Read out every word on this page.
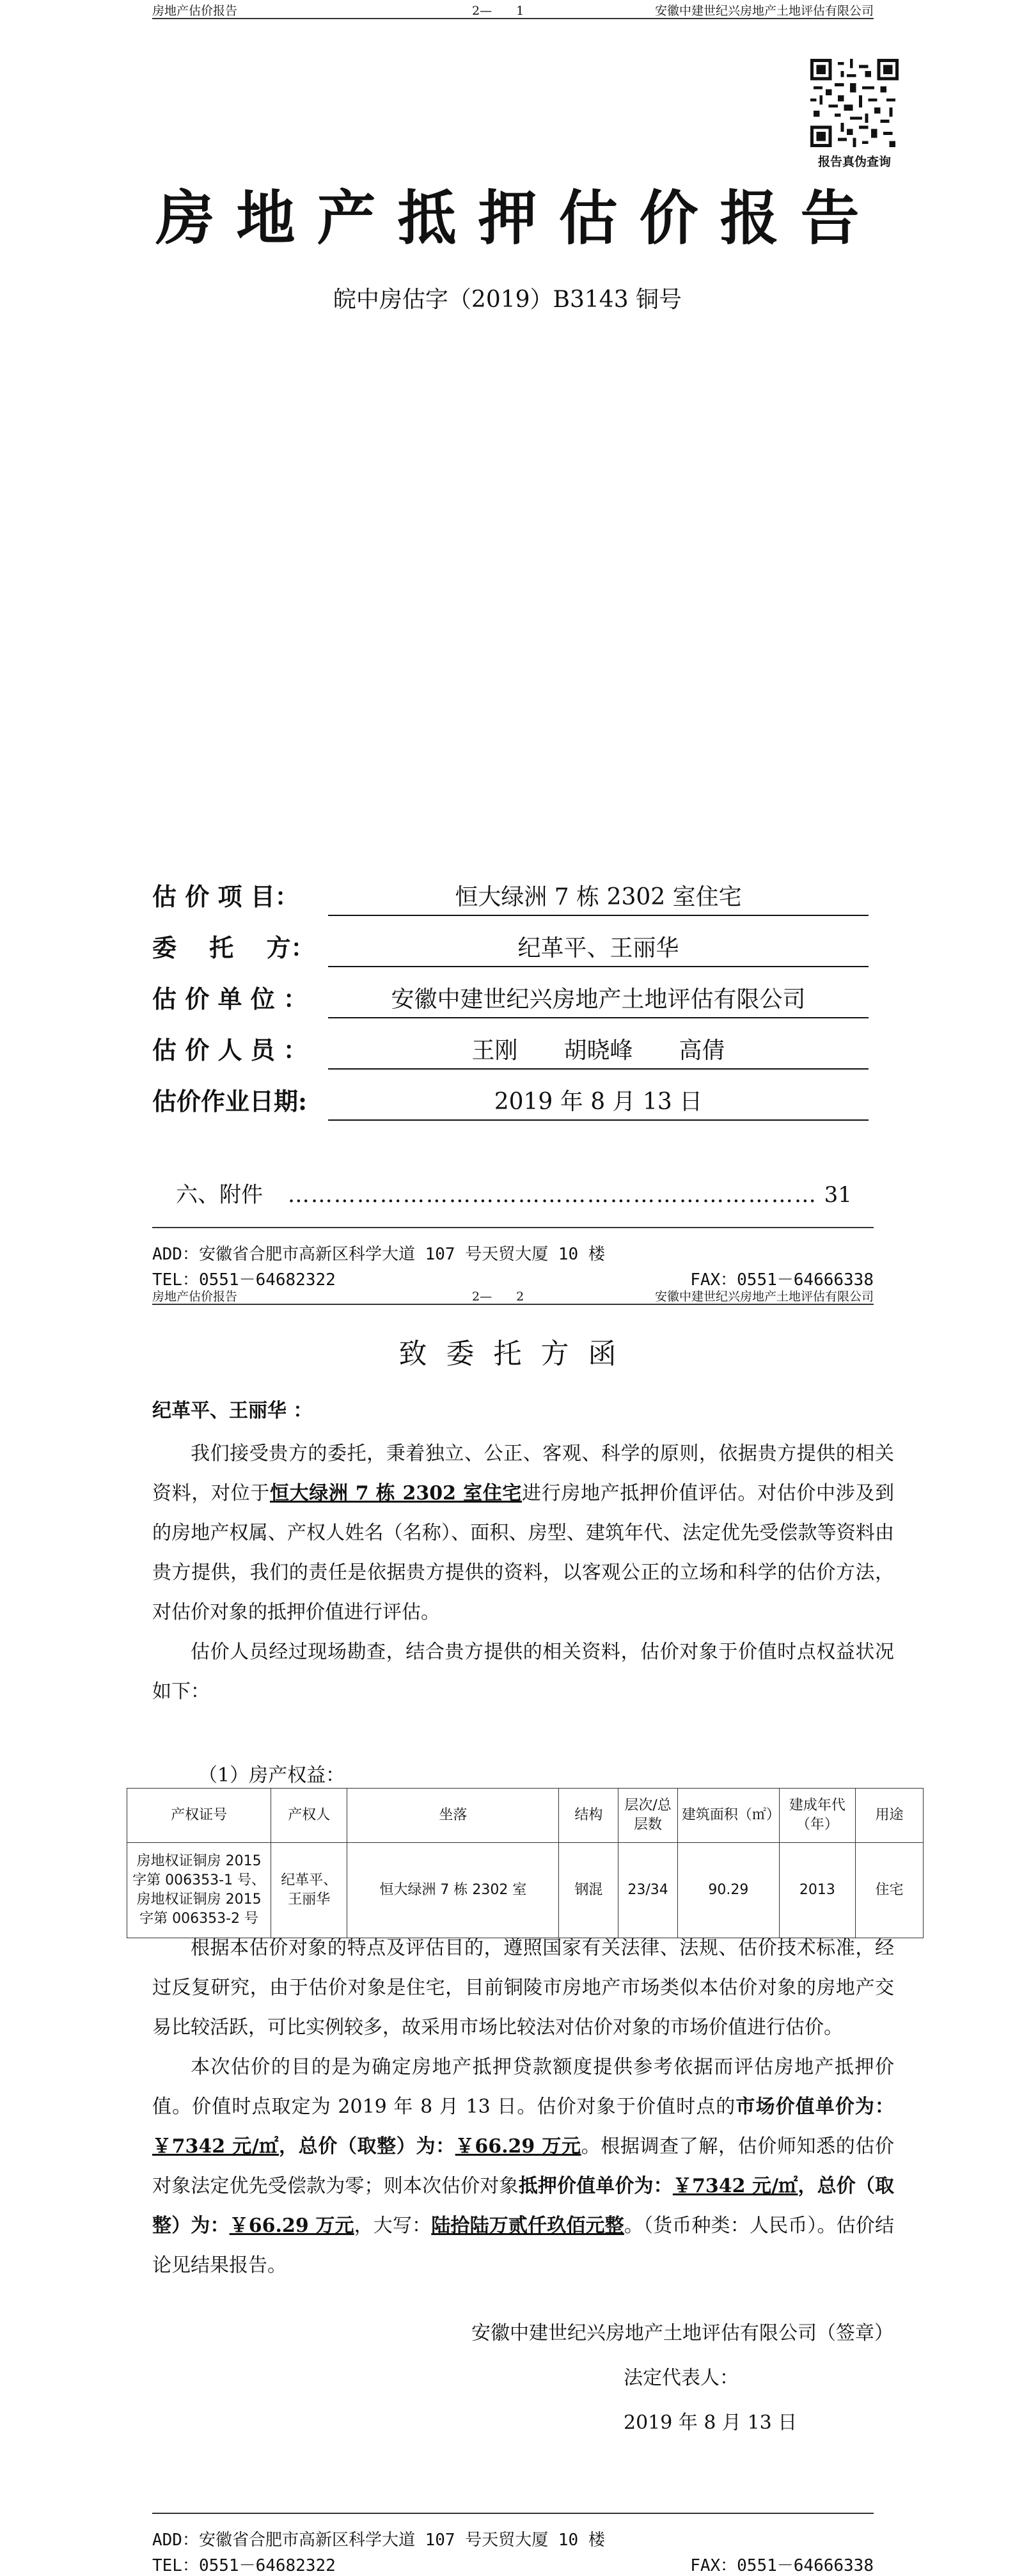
房地产估价报告	2—　　1	安徽中建世纪兴房地产土地评估有限公司
报告真伪查询
房地产抵押估价报告
皖中房估字（2019）B3143 铜号
估 价 项 目：	恒大绿洲 7 栋 2302 室住宅
委　 托　 方：	纪革平、王丽华
估 价 单 位 ：	安徽中建世纪兴房地产土地评估有限公司
估 价 人 员 ：	王刚　　胡晓峰　　高倩
估价作业日期:	2019 年 8 月 13 日
六、附件 …………………………………………………………… 31
ADD：安徽省合肥市高新区科学大道 107 号天贸大厦 10 楼
TEL：0551－64682322	FAX：0551－64666338
房地产估价报告	2—　　2	安徽中建世纪兴房地产土地评估有限公司
致委托方函
纪革平、王丽华 ：

我们接受贵方的委托，秉着独立、公正、客观、科学的原则，依据贵方提供的相关资料，对位于恒大绿洲 7 栋 2302 室住宅进行房地产抵押价值评估。对估价中涉及到的房地产权属、产权人姓名（名称）、面积、房型、建筑年代、法定优先受偿款等资料由贵方提供，我们的责任是依据贵方提供的资料，以客观公正的立场和科学的估价方法，对估价对象的抵押价值进行评估。

估价人员经过现场勘查，结合贵方提供的相关资料，估价对象于价值时点权益状况如下：

（1）房产权益：
产权证号	产权人	坐落	结构	层次/总层数	建筑面积（㎡）	建成年代（年）	用途
房地权证铜房 2015 字第 006353-1 号、房地权证铜房 2015 字第 006353-2 号	纪革平、王丽华	恒大绿洲 7 栋 2302 室	钢混	23/34	90.29	2013	住宅

根据本估价对象的特点及评估目的，遵照国家有关法律、法规、估价技术标准，经过反复研究，由于估价对象是住宅，目前铜陵市房地产市场类似本估价对象的房地产交易比较活跃，可比实例较多，故采用市场比较法对估价对象的市场价值进行估价。

本次估价的目的是为确定房地产抵押贷款额度提供参考依据而评估房地产抵押价值。价值时点取定为 2019 年 8 月 13 日。估价对象于价值时点的市场价值单价为：￥7342 元/㎡，总价（取整）为：￥66.29 万元。根据调查了解，估价师知悉的估价对象法定优先受偿款为零；则本次估价对象抵押价值单价为：￥7342 元/㎡，总价（取整）为：￥66.29 万元，大写：陆拾陆万贰仟玖佰元整。（货币种类：人民币）。估价结论见结果报告。

安徽中建世纪兴房地产土地评估有限公司（签章）
法定代表人：
2019 年 8 月 13 日
ADD：安徽省合肥市高新区科学大道 107 号天贸大厦 10 楼
TEL：0551－64682322	FAX：0551－64666338
